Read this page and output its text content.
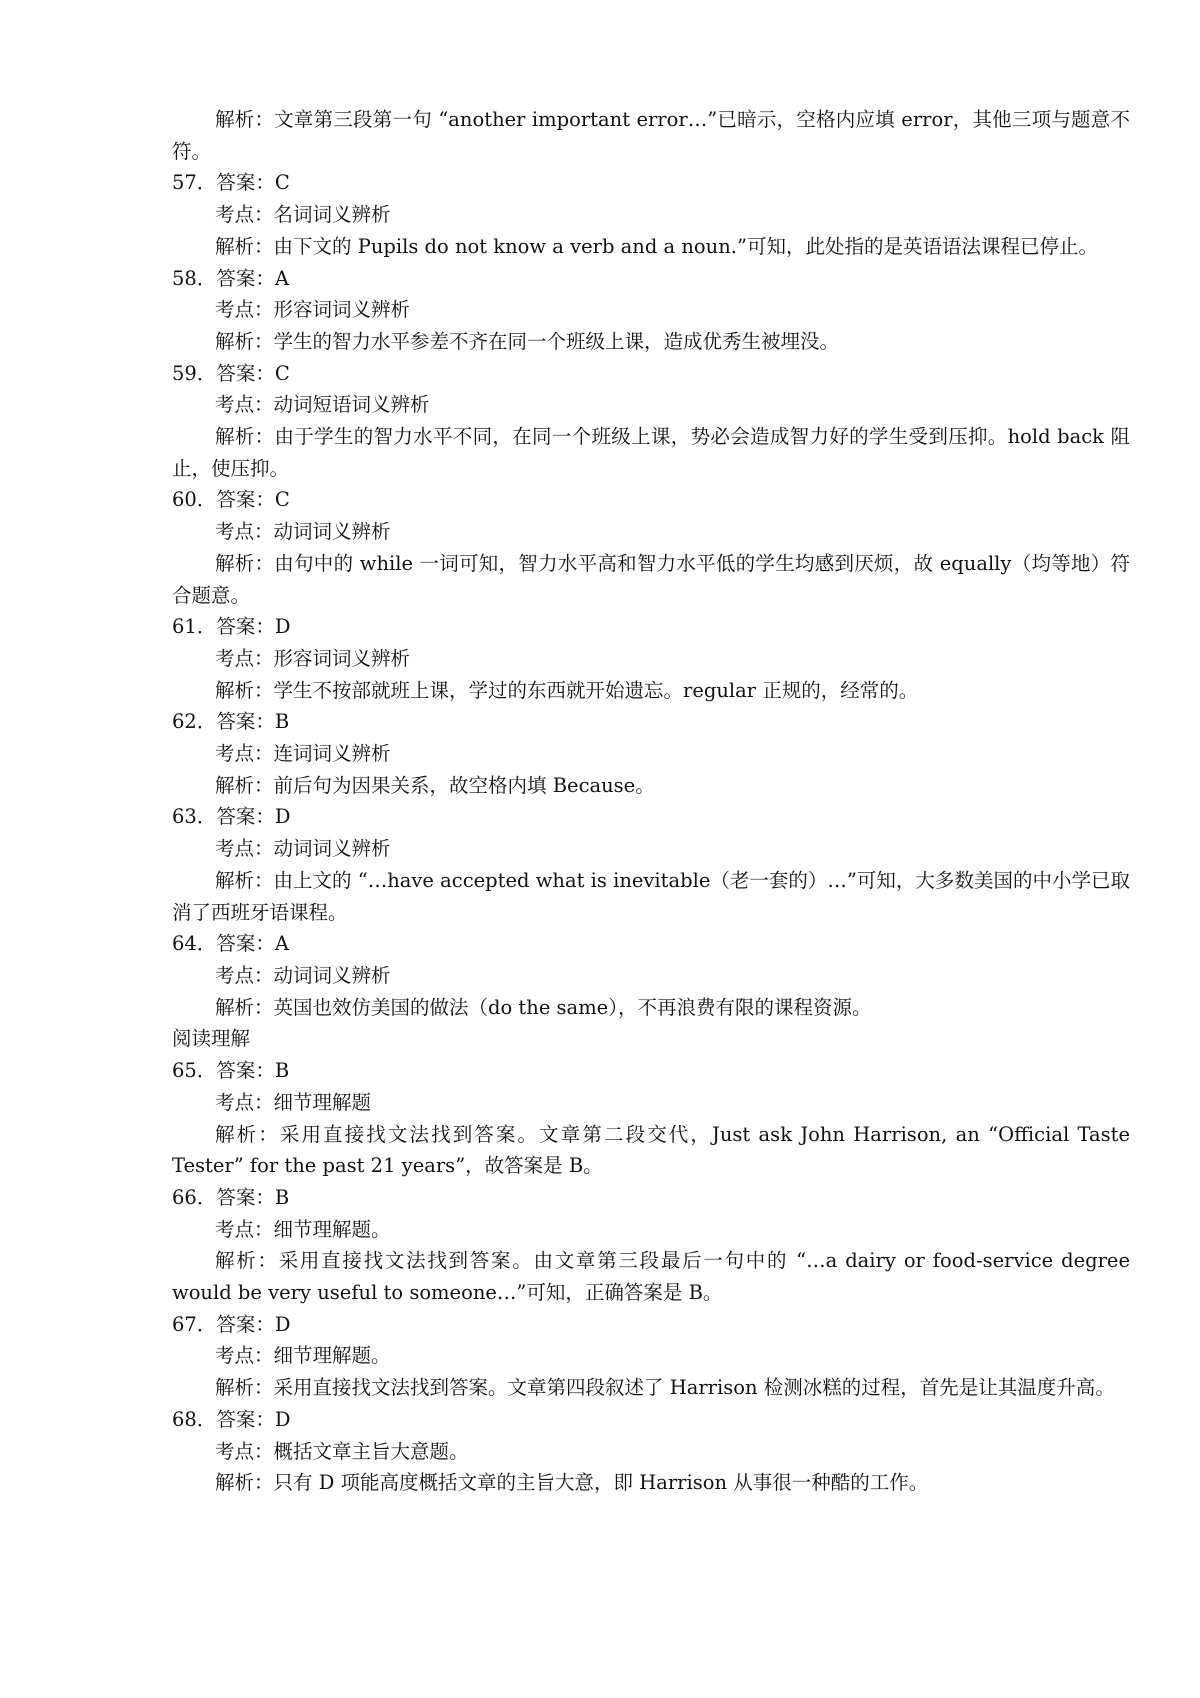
解析：文章第三段第一句 “another important error…”已暗示，空格内应填 error，其他三项与题意不符。
57．答案：C
考点：名词词义辨析
解析：由下文的 Pupils do not know a verb and a noun.”可知，此处指的是英语语法课程已停止。
58．答案：A
考点：形容词词义辨析
解析：学生的智力水平参差不齐在同一个班级上课，造成优秀生被埋没。
59．答案：C
考点：动词短语词义辨析
解析：由于学生的智力水平不同，在同一个班级上课，势必会造成智力好的学生受到压抑。hold back 阻止，使压抑。
60．答案：C
考点：动词词义辨析
解析：由句中的 while 一词可知，智力水平高和智力水平低的学生均感到厌烦，故 equally（均等地）符合题意。
61．答案：D
考点：形容词词义辨析
解析：学生不按部就班上课，学过的东西就开始遗忘。regular 正规的，经常的。
62．答案：B
考点：连词词义辨析
解析：前后句为因果关系，故空格内填 Because。
63．答案：D
考点：动词词义辨析
解析：由上文的 “…have accepted what is inevitable（老一套的）…”可知，大多数美国的中小学已取消了西班牙语课程。
64．答案：A
考点：动词词义辨析
解析：英国也效仿美国的做法（do the same），不再浪费有限的课程资源。
阅读理解
65．答案：B
考点：细节理解题
解析：采用直接找文法找到答案。文章第二段交代，Just ask John Harrison, an “Official Taste Tester” for the past 21 years”，故答案是 B。
66．答案：B
考点：细节理解题。
解析：采用直接找文法找到答案。由文章第三段最后一句中的 “…a dairy or food-service degree would be very useful to someone…”可知，正确答案是 B。
67．答案：D
考点：细节理解题。
解析：采用直接找文法找到答案。文章第四段叙述了 Harrison 检测冰糕的过程，首先是让其温度升高。
68．答案：D
考点：概括文章主旨大意题。
解析：只有 D 项能高度概括文章的主旨大意，即 Harrison 从事很一种酷的工作。
